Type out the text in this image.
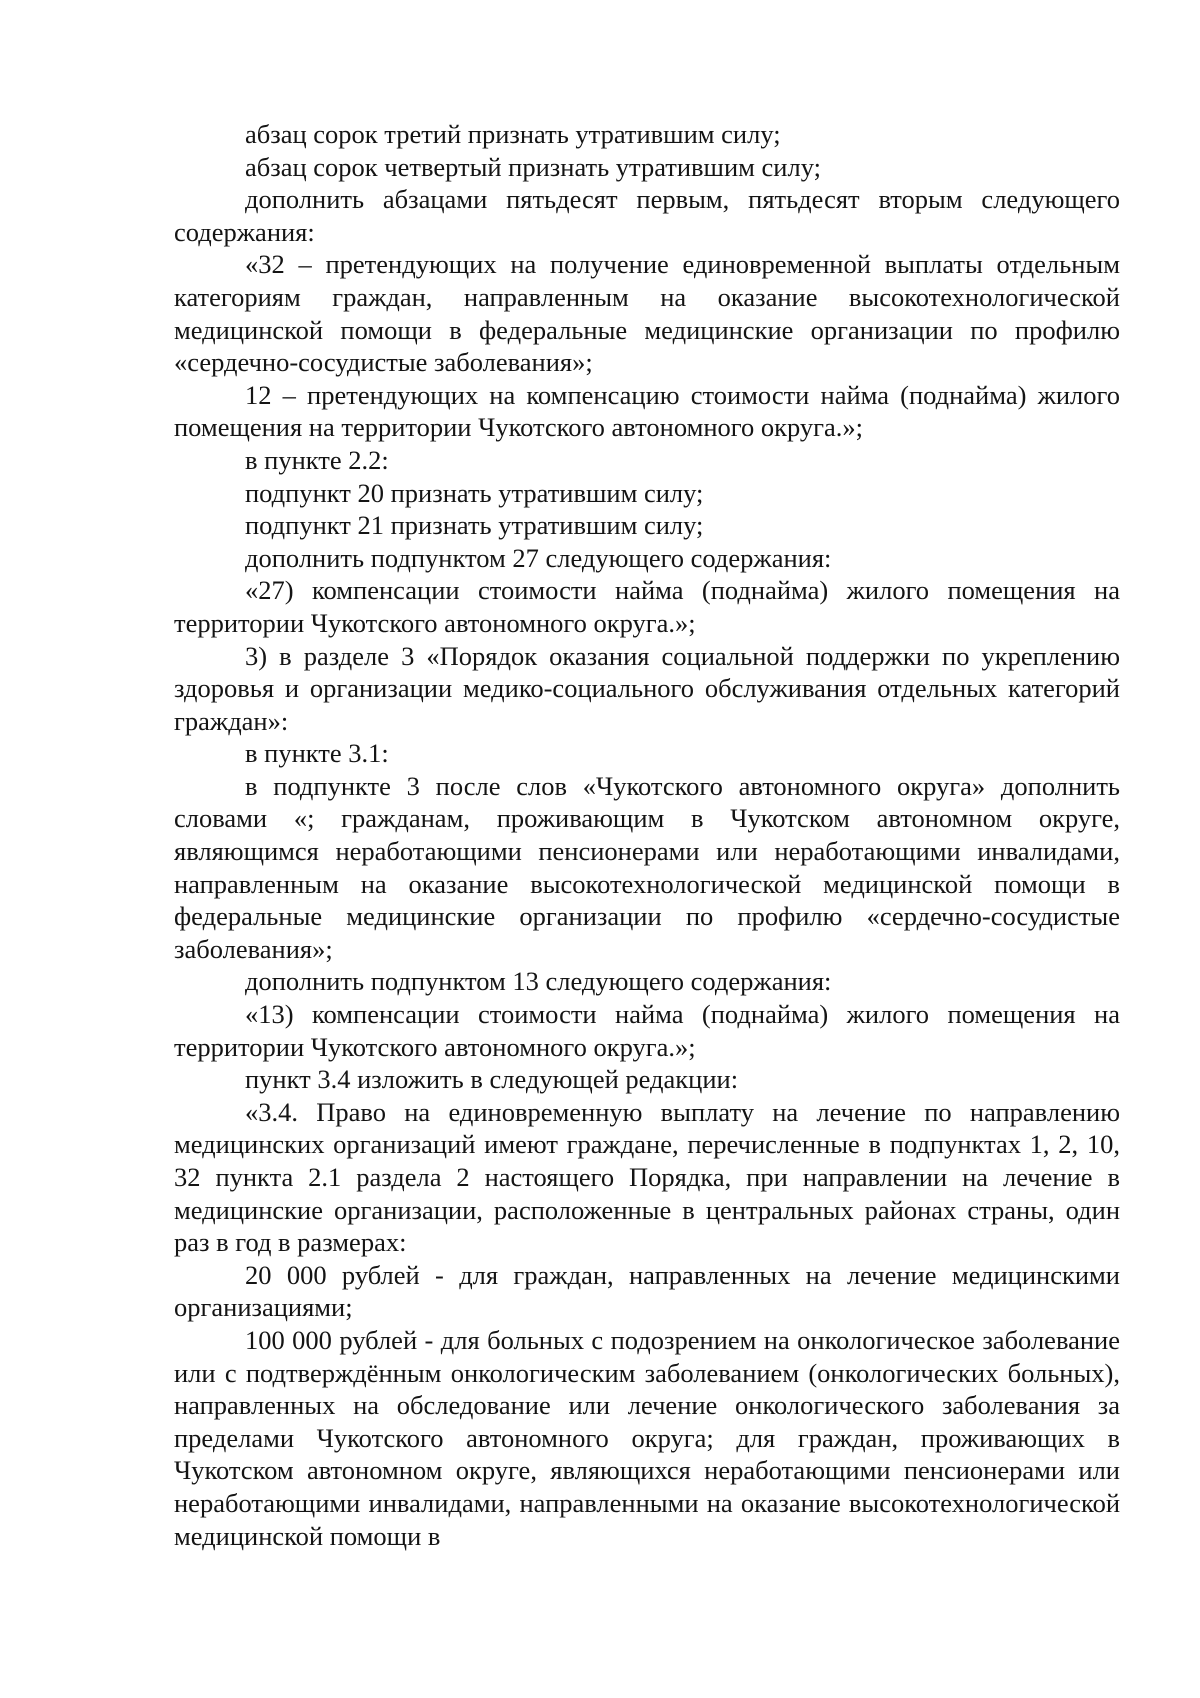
абзац сорок третий признать утратившим силу;

абзац сорок четвертый признать утратившим силу;

дополнить абзацами пятьдесят первым, пятьдесят вторым следующего содержания:

«32 – претендующих на получение единовременной выплаты отдельным категориям граждан, направленным на оказание высокотехнологической медицинской помощи в федеральные медицинские организации по профилю «сердечно-сосудистые заболевания»;

12 – претендующих на компенсацию стоимости найма (поднайма) жилого помещения на территории Чукотского автономного округа.»;

в пункте 2.2:

подпункт 20 признать утратившим силу;

подпункт 21 признать утратившим силу;

дополнить подпунктом 27 следующего содержания:

«27) компенсации стоимости найма (поднайма) жилого помещения на территории Чукотского автономного округа.»;

3) в разделе 3 «Порядок оказания социальной поддержки по укреплению здоровья и организации медико-социального обслуживания отдельных категорий граждан»:

в пункте 3.1:

в подпункте 3 после слов «Чукотского автономного округа» дополнить словами «; гражданам, проживающим в Чукотском автономном округе, являющимся неработающими пенсионерами или неработающими инвалидами, направленным на оказание высокотехнологической медицинской помощи в федеральные медицинские организации по профилю «сердечно-сосудистые заболевания»;

дополнить подпунктом 13 следующего содержания:

«13) компенсации стоимости найма (поднайма) жилого помещения на территории Чукотского автономного округа.»;

пункт 3.4 изложить в следующей редакции:

«3.4. Право на единовременную выплату на лечение по направлению медицинских организаций имеют граждане, перечисленные в подпунктах 1, 2, 10, 32 пункта 2.1 раздела 2 настоящего Порядка, при направлении на лечение в медицинские организации, расположенные в центральных районах страны, один раз в год в размерах:

20 000 рублей - для граждан, направленных на лечение медицинскими организациями;

100 000 рублей - для больных с подозрением на онкологическое заболевание или с подтверждённым онкологическим заболеванием (онкологических больных), направленных на обследование или лечение онкологического заболевания за пределами Чукотского автономного округа; для граждан, проживающих в Чукотском автономном округе, являющихся неработающими пенсионерами или неработающими инвалидами, направленными на оказание высокотехнологической медицинской помощи в
